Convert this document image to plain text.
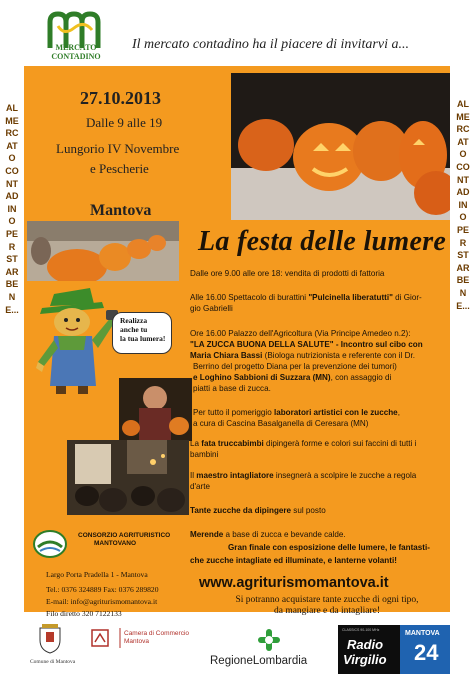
MERCATO
CONTADINO
Il mercato contadino ha il piacere di invitarvi a...
AL MERCATO CONTADINO PER STAR BENE...
AL MERCATO CONTADINO PER STAR BENE...
27.10.2013
Dalle 9 alle 19
Lungorio IV Novembre
e Pescherie
Mantova
La festa delle lumere
Realizza
anche tu
la tua lumera!
Dalle ore 9.00 alle ore 18: vendita di prodotti di fattoria
Alle 16.00 Spettacolo di burattini "Pulcinella liberatutti" di Gior-
gio Gabrielli
Ore 16.00 Palazzo dell'Agricoltura (Via Principe Amedeo n.2):
"LA ZUCCA BUONA DELLA SALUTE" - Incontro sul cibo con
Maria Chiara Bassi (Biologa nutrizionista e referente con il Dr.
Berrino del progetto Diana per la prevenzione dei tumori)
e Loghino Sabbioni di Suzzara (MN), con assaggio di
piatti a base di zucca.
Per tutto il pomeriggio laboratori artistici con le zucche,
a cura di Cascina Basalganella di Ceresara (MN)
La fata truccabimbi dipingerà forme e colori sui faccini di tutti i
bambini
Il maestro intagliatore insegnerà a scolpire le zucche a regola
d'arte
Tante zucche da dipingere sul posto
Merende a base di zucca e bevande calde.
Gran finale con esposizione delle lumere, le fantasti-
che zucche intagliate ed illuminate, e lanterne volanti!
CONSORZIO AGRITURISTICO
MANTOVANO
Largo Porta Pradella 1 - Mantova
Tel.: 0376 324889 Fax: 0376 289820
E-mail: info@agriturismomantova.it
Filo diretto 320 7122133
www.agriturismomantova.it
Si potranno acquistare tante zucche di ogni tipo,
da mangiare e da intagliare!
Comune di Mantova
Camera di Commercio
Mantova
RegioneLombardia
CLASSICS 90-100 MHz
Radio
Virgilio
MANTOVA
24
